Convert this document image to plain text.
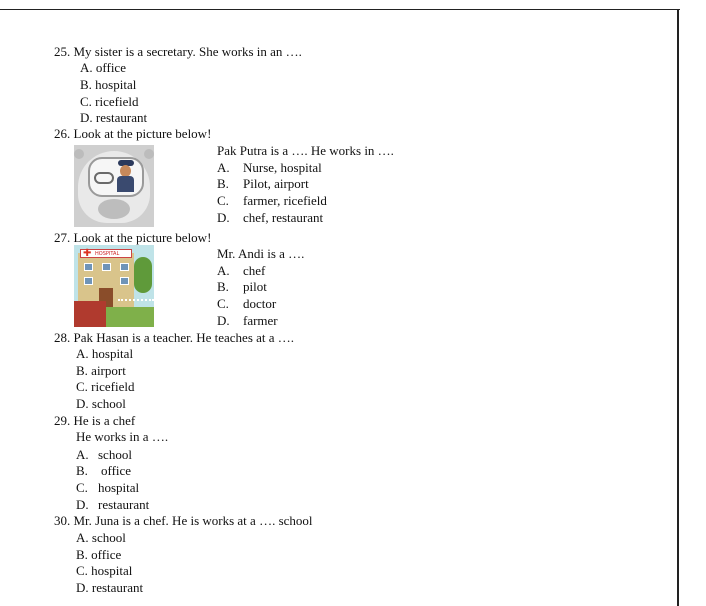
25. My sister is a secretary. She works in an ….
A. office
B. hospital
C. ricefield
D. restaurant
26. Look at the picture below!
Pak Putra is a …. He works in ….
A. Nurse, hospital
B. Pilot, airport
C. farmer, ricefield
D. chef, restaurant
27. Look at the picture below!
HOSPITAL
✚	Mr. Andi is a ….
A. chef
B. pilot
C. doctor
D. farmer
28. Pak Hasan is a teacher. He teaches at a ….
A. hospital
B. airport
C. ricefield
D. school
29. He is a chef
He works in a ….
A. school
B. office
C. hospital
D. restaurant
30. Mr. Juna is a chef. He is works at a …. school
A. school
B. office
C. hospital
D. restaurant
